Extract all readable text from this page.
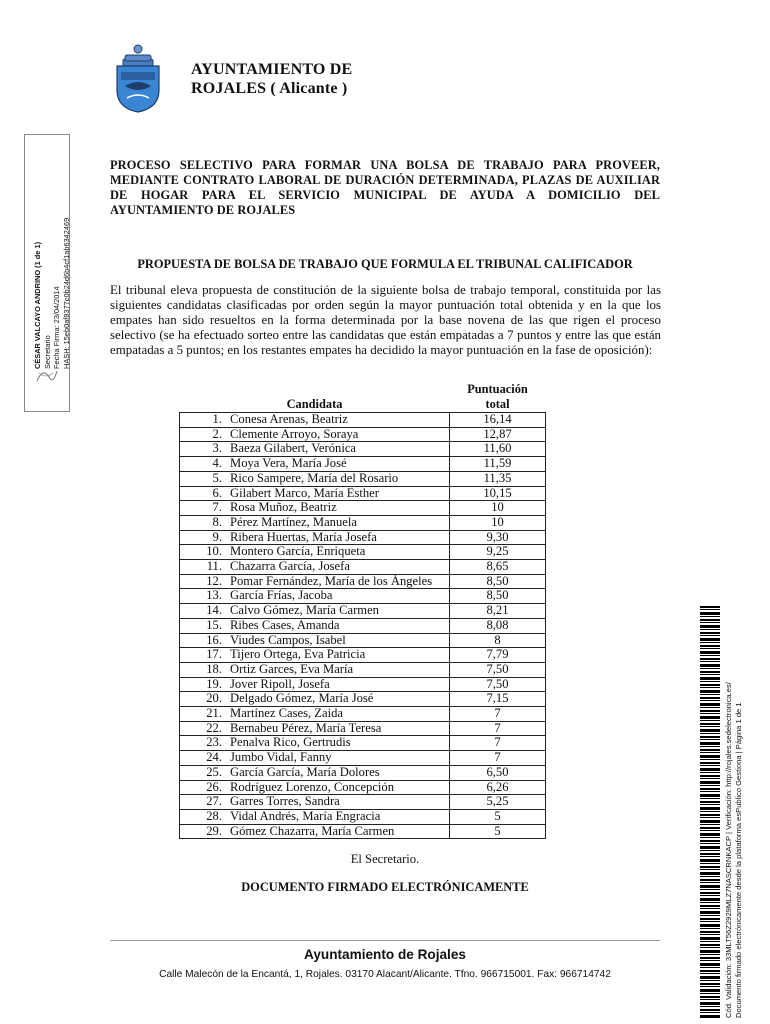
AYUNTAMIENTO DE
ROJALES ( Alicante )
CÉSAR VALCAYO ANDRINO (1 de 1) Secretario Fecha Firma: 23/04/2014 HASH: 15eb0af8377c0b24d6b4cf1ab6342469
PROCESO SELECTIVO PARA FORMAR UNA BOLSA DE TRABAJO PARA PROVEER, MEDIANTE CONTRATO LABORAL DE DURACIÓN DETERMINADA, PLAZAS DE AUXILIAR DE HOGAR PARA EL SERVICIO MUNICIPAL DE AYUDA A DOMICILIO DEL AYUNTAMIENTO DE ROJALES
PROPUESTA DE BOLSA DE TRABAJO QUE FORMULA EL TRIBUNAL CALIFICADOR
El tribunal eleva propuesta de constitución de la siguiente bolsa de trabajo temporal, constituida por las siguientes candidatas clasificadas por orden según la mayor puntuación total obtenida y en la que los empates han sido resueltos en la forma determinada por la base novena de las que rigen el proceso selectivo (se ha efectuado sorteo entre las candidatas que están empatadas a 7 puntos y entre las que están empatadas a 5 puntos; en los restantes empates ha decidido la mayor puntuación en la fase de oposición):
Candidata	Puntuación
total

1. Conesa Arenas, Beatriz	16,14
2. Clemente Arroyo, Soraya	12,87
3. Baeza Gilabert, Verónica	11,60
4. Moya Vera, María José	11,59
5. Rico Sampere, María del Rosario	11,35
6. Gilabert Marco, María Esther	10,15
7. Rosa Muñoz, Beatriz	10
8. Pérez Martínez, Manuela	10
9. Ribera Huertas, María Josefa	9,30
10. Montero García, Enriqueta	9,25
11. Chazarra García, Josefa	8,65
12. Pomar Fernández, María de los Ángeles	8,50
13. García Frías, Jacoba	8,50
14. Calvo Gómez, María Carmen	8,21
15. Ribes Cases, Amanda	8,08
16. Viudes Campos, Isabel	8
17. Tijero Ortega, Eva Patricia	7,79
18. Ortiz Garces, Eva María	7,50
19. Jover Ripoll, Josefa	7,50
20. Delgado Gómez, María José	7,15
21. Martínez Cases, Zaida	7
22. Bernabeu Pérez, María Teresa	7
23. Penalva Rico, Gertrudis	7
24. Jumbo Vidal, Fanny	7
25. García García, María Dolores	6,50
26. Rodríguez Lorenzo, Concepción	6,26
27. Garres Torres, Sandra	5,25
28. Vidal Andrés, María Engracia	5
29. Gómez Chazarra, María Carmen	5
El Secretario.
DOCUMENTO FIRMADO ELECTRÓNICAMENTE
Ayuntamiento de Rojales
Calle Malecón de la Encantá, 1, Rojales. 03170 Alacant/Alicante. Tfno. 966715001. Fax: 966714742	Cód. Validación: 33MLT56Z2929MLZ7NASCRNKACP | Verificación: http://rojales.sedelectronica.es/ Documento firmado electrónicamente desde la plataforma esPublico Gestiona | Página 1 de 1
